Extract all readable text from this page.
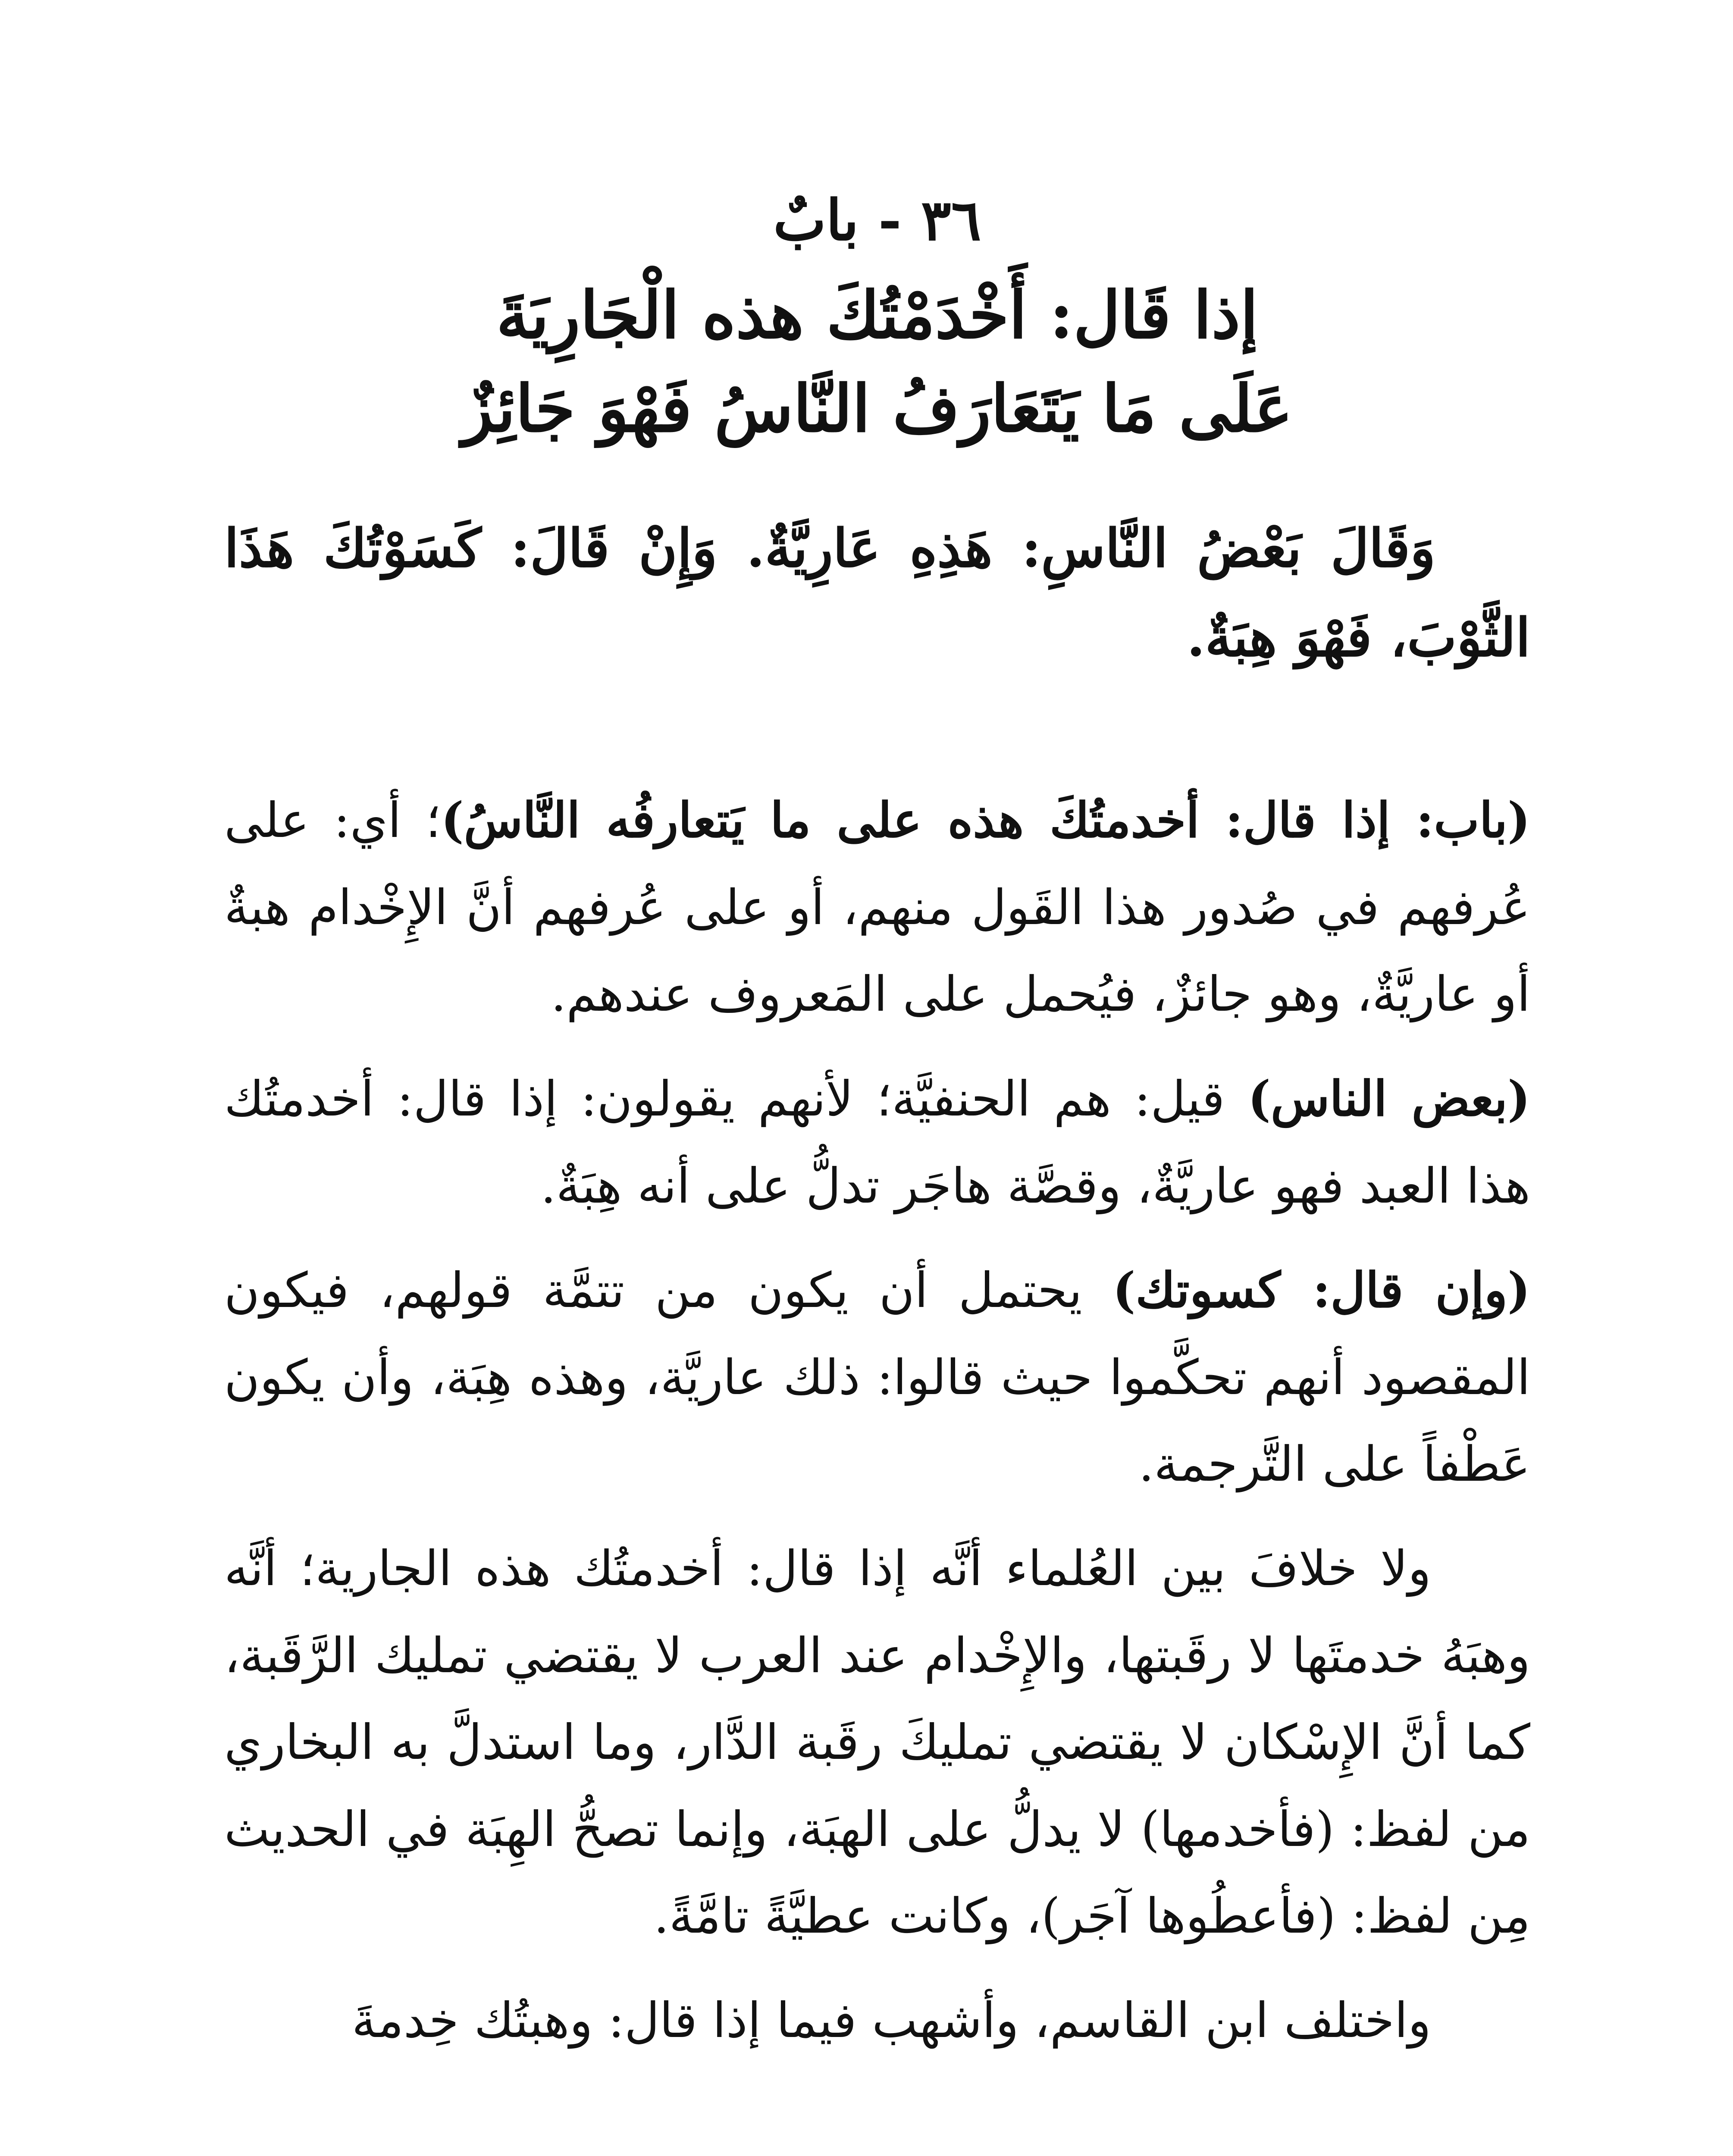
٣٦ - بابٌ
إذا قَال: أَخْدَمْتُكَ هذه الْجَارِيَةَ
عَلَى مَا يَتَعَارَفُ النَّاسُ فَهْوَ جَائِزٌ

وَقَالَ بَعْضُ النَّاسِ: هَذِهِ عَارِيَّةٌ. وَإِنْ قَالَ: كَسَوْتُكَ هَذَا الثَّوْبَ، فَهْوَ هِبَةٌ.

(باب: إذا قال: أخدمتُكَ هذه على ما يَتعارفُه النَّاسُ)؛ أي: على عُرفهم في صُدور هذا القَول منهم، أو على عُرفهم أنَّ الإِخْدام هبةٌ أو عاريَّةٌ، وهو جائزٌ، فيُحمل على المَعروف عندهم.

(بعض الناس) قيل: هم الحنفيَّة؛ لأنهم يقولون: إذا قال: أخدمتُك هذا العبد فهو عاريَّةٌ، وقصَّة هاجَر تدلُّ على أنه هِبَةٌ.

(وإن قال: كسوتك) يحتمل أن يكون من تتمَّة قولهم، فيكون المقصود أنهم تحكَّموا حيث قالوا: ذلك عاريَّة، وهذه هِبَة، وأن يكون عَطْفاً على التَّرجمة.

ولا خلافَ بين العُلماء أنَّه إذا قال: أخدمتُك هذه الجارية؛ أنَّه وهبَهُ خدمتَها لا رقَبتها، والإِخْدام عند العرب لا يقتضي تمليك الرَّقَبة، كما أنَّ الإِسْكان لا يقتضي تمليكَ رقَبة الدَّار، وما استدلَّ به البخاري من لفظ: (فأخدمها) لا يدلُّ على الهبَة، وإنما تصحُّ الهِبَة في الحديث مِن لفظ: (فأعطُوها آجَر)، وكانت عطيَّةً تامَّةً.

واختلف ابن القاسم، وأشهب فيما إذا قال: وهبتُك خِدمةَ
